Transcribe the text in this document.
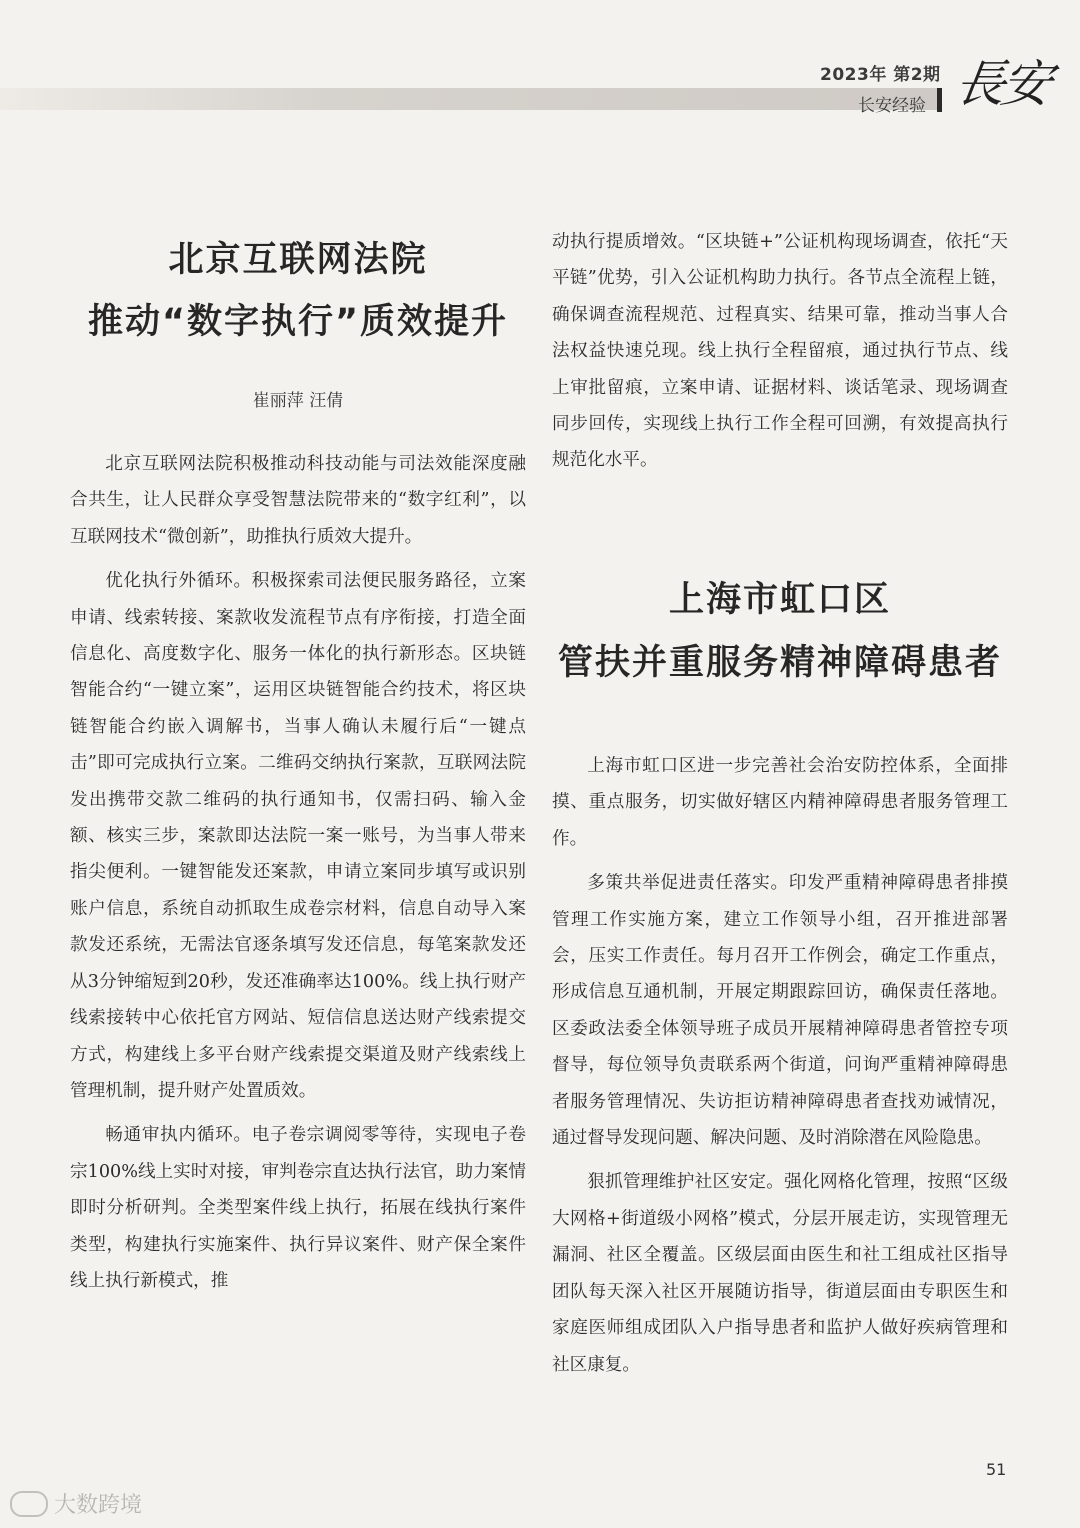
2023年 第2期
长安经验 長安
北京互联网法院
推动“数字执行”质效提升
崔丽萍 汪倩

北京互联网法院积极推动科技动能与司法效能深度融合共生，让人民群众享受智慧法院带来的“数字红利”，以互联网技术“微创新”，助推执行质效大提升。

优化执行外循环。积极探索司法便民服务路径，立案申请、线索转接、案款收发流程节点有序衔接，打造全面信息化、高度数字化、服务一体化的执行新形态。区块链智能合约“一键立案”，运用区块链智能合约技术，将区块链智能合约嵌入调解书，当事人确认未履行后“一键点击”即可完成执行立案。二维码交纳执行案款，互联网法院发出携带交款二维码的执行通知书，仅需扫码、输入金额、核实三步，案款即达法院一案一账号，为当事人带来指尖便利。一键智能发还案款，申请立案同步填写或识别账户信息，系统自动抓取生成卷宗材料，信息自动导入案款发还系统，无需法官逐条填写发还信息，每笔案款发还从3分钟缩短到20秒，发还准确率达100%。线上执行财产线索接转中心依托官方网站、短信信息送达财产线索提交方式，构建线上多平台财产线索提交渠道及财产线索线上管理机制，提升财产处置质效。

畅通审执内循环。电子卷宗调阅零等待，实现电子卷宗100%线上实时对接，审判卷宗直达执行法官，助力案情即时分析研判。全类型案件线上执行，拓展在线执行案件类型，构建执行实施案件、执行异议案件、财产保全案件线上执行新模式，推

动执行提质增效。“区块链+”公证机构现场调查，依托“天平链”优势，引入公证机构助力执行。各节点全流程上链，确保调查流程规范、过程真实、结果可靠，推动当事人合法权益快速兑现。线上执行全程留痕，通过执行节点、线上审批留痕，立案申请、证据材料、谈话笔录、现场调查同步回传，实现线上执行工作全程可回溯，有效提高执行规范化水平。

上海市虹口区
管扶并重服务精神障碍患者

上海市虹口区进一步完善社会治安防控体系，全面排摸、重点服务，切实做好辖区内精神障碍患者服务管理工作。

多策共举促进责任落实。印发严重精神障碍患者排摸管理工作实施方案，建立工作领导小组，召开推进部署会，压实工作责任。每月召开工作例会，确定工作重点，形成信息互通机制，开展定期跟踪回访，确保责任落地。区委政法委全体领导班子成员开展精神障碍患者管控专项督导，每位领导负责联系两个街道，问询严重精神障碍患者服务管理情况、失访拒访精神障碍患者查找劝诫情况，通过督导发现问题、解决问题、及时消除潜在风险隐患。

狠抓管理维护社区安定。强化网格化管理，按照“区级大网格+街道级小网格”模式，分层开展走访，实现管理无漏洞、社区全覆盖。区级层面由医生和社工组成社区指导团队每天深入社区开展随访指导，街道层面由专职医生和家庭医师组成团队入户指导患者和监护人做好疾病管理和社区康复。

51
大数跨境
